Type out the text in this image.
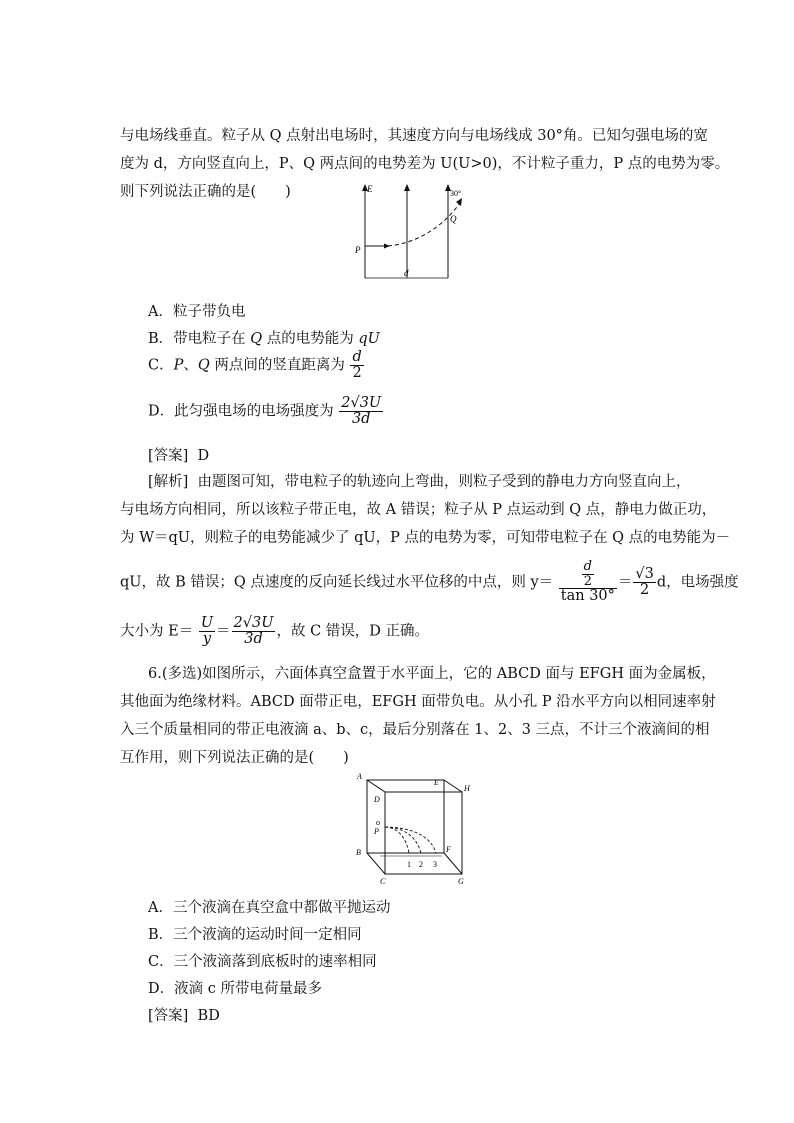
与电场线垂直。粒子从 Q 点射出电场时，其速度方向与电场线成 30°角。已知匀强电场的宽
度为 d，方向竖直向上，P、Q 两点间的电势差为 U(U>0)，不计粒子重力，P 点的电势为零。
则下列说法正确的是(　　)	E	30°
Q
P
d
A．粒子带负电
B．带电粒子在 Q 点的电势能为 qU
C．P、Q 两点间的竖直距离为 $\frac{d}{2}$
D．此匀强电场的电场强度为 $\frac{2√3U}{3d}$
[答案] D
[解析] 由题图可知，带电粒子的轨迹向上弯曲，则粒子受到的静电力方向竖直向上，
与电场方向相同，所以该粒子带正电，故 A 错误；粒子从 P 点运动到 Q 点，静电力做正功，
为 W＝qU，则粒子的电势能减少了 qU，P 点的电势为零，可知带电粒子在 Q 点的电势能为－
qU，故 B 错误；Q 点速度的反向延长线过水平位移的中点，则 $y= \frac{\frac{d}{2}}{\tan 30^\circ} = \frac{√3}{2}$ d，电场强度
大小为 $E= \frac{U}{y} = \frac{2√3U}{3d}$ ，故 C 错误，D 正确。
6.(多选)如图所示，六面体真空盒置于水平面上，它的 ABCD 面与 EFGH 面为金属板，
其他面为绝缘材料。ABCD 面带正电，EFGH 面带负电。从小孔 P 沿水平方向以相同速率射
入三个质量相同的带正电液滴 a、b、c，最后分别落在 1、2、3 三点，不计三个液滴间的相
互作用，则下列说法正确的是(　　)
A
D
E
H
o
P
B	F
1 2 3
C	G
A．三个液滴在真空盒中都做平抛运动
B．三个液滴的运动时间一定相同
C．三个液滴落到底板时的速率相同
D．液滴 c 所带电荷量最多
[答案] BD
